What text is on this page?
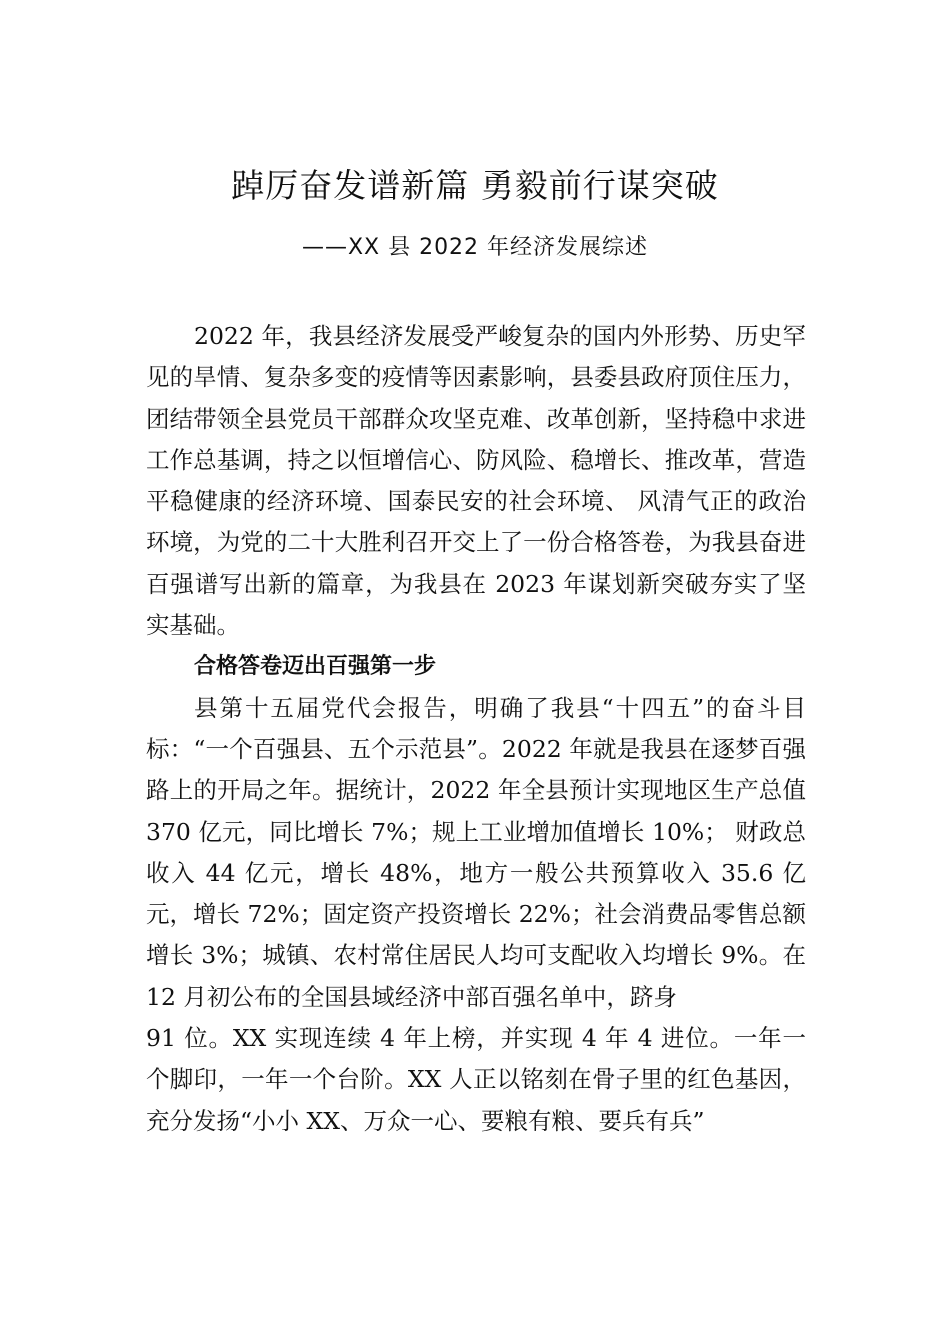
踔厉奋发谱新篇 勇毅前行谋突破
——XX 县 2022 年经济发展综述

2022 年，我县经济发展受严峻复杂的国内外形势、历史罕见的旱情、复杂多变的疫情等因素影响，县委县政府顶住压力，团结带领全县党员干部群众攻坚克难、改革创新，坚持稳中求进工作总基调，持之以恒增信心、防风险、稳增长、推改革，营造平稳健康的经济环境、国泰民安的社会环境、 风清气正的政治环境，为党的二十大胜利召开交上了一份合格答卷，为我县奋进百强谱写出新的篇章，为我县在 2023 年谋划新突破夯实了坚实基础。

合格答卷迈出百强第一步

县第十五届党代会报告，明确了我县“十四五”的奋斗目标：“一个百强县、五个示范县”。2022 年就是我县在逐梦百强路上的开局之年。据统计，2022 年全县预计实现地区生产总值 370 亿元，同比增长 7%；规上工业增加值增长 10%； 财政总收入 44 亿元，增长 48%，地方一般公共预算收入 35.6 亿元，增长 72%；固定资产投资增长 22%；社会消费品零售总额增长 3%；城镇、农村常住居民人均可支配收入均增长 9%。在 12 月初公布的全国县域经济中部百强名单中，跻身

91 位。XX 实现连续 4 年上榜，并实现 4 年 4 进位。一年一个脚印，一年一个台阶。XX 人正以铭刻在骨子里的红色基因，充分发扬“小小 XX、万众一心、要粮有粮、要兵有兵”
